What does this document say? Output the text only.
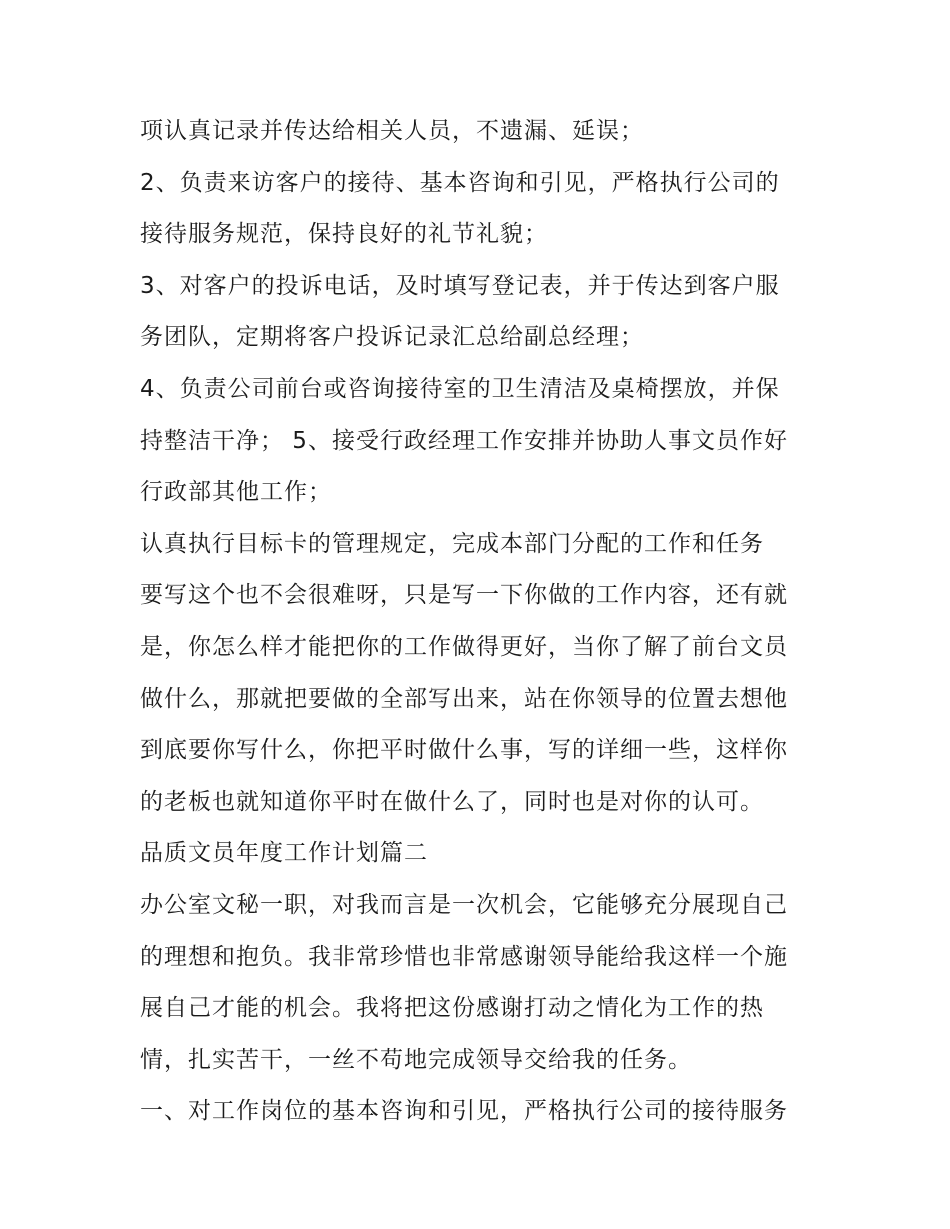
项认真记录并传达给相关人员，不遗漏、延误；
2、负责来访客户的接待、基本咨询和引见，严格执行公司的
接待服务规范，保持良好的礼节礼貌；
3、对客户的投诉电话，及时填写登记表，并于传达到客户服
务团队，定期将客户投诉记录汇总给副总经理；
4、负责公司前台或咨询接待室的卫生清洁及桌椅摆放，并保
持整洁干净； 5、接受行政经理工作安排并协助人事文员作好
行政部其他工作；
认真执行目标卡的管理规定，完成本部门分配的工作和任务
要写这个也不会很难呀，只是写一下你做的工作内容，还有就
是，你怎么样才能把你的工作做得更好，当你了解了前台文员
做什么，那就把要做的全部写出来，站在你领导的位置去想他
到底要你写什么，你把平时做什么事，写的详细一些，这样你
的老板也就知道你平时在做什么了，同时也是对你的认可。
品质文员年度工作计划篇二
办公室文秘一职，对我而言是一次机会，它能够充分展现自己
的理想和抱负。我非常珍惜也非常感谢领导能给我这样一个施
展自己才能的机会。我将把这份感谢打动之情化为工作的热
情，扎实苦干，一丝不苟地完成领导交给我的任务。
一、对工作岗位的基本咨询和引见，严格执行公司的接待服务
